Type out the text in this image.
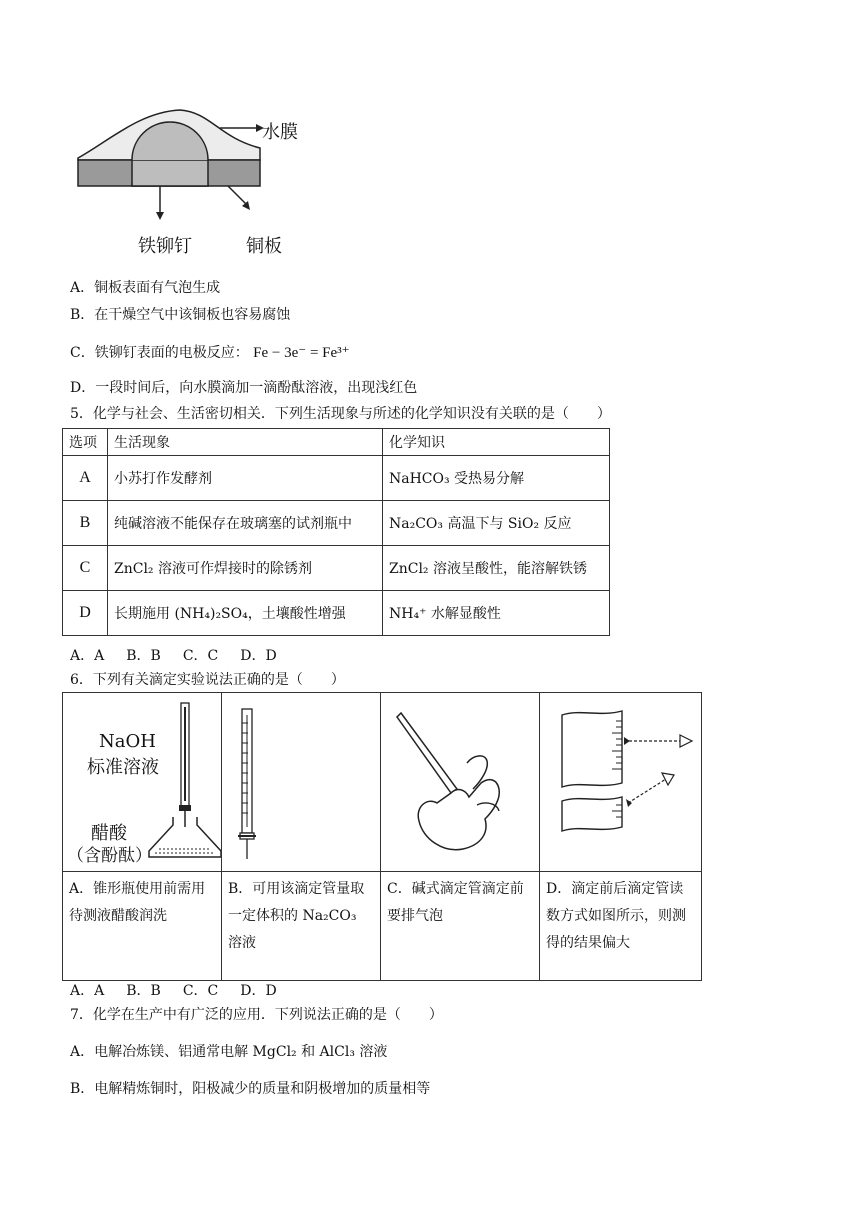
水膜
铁铆钉	铜板
A．铜板表面有气泡生成
B．在干燥空气中该铜板也容易腐蚀
C．铁铆钉表面的电极反应： Fe − 3e⁻ = Fe³⁺
D．一段时间后，向水膜滴加一滴酚酞溶液，出现浅红色
5．化学与社会、生活密切相关．下列生活现象与所述的化学知识没有关联的是（　　）
选项	生活现象	化学知识
A	小苏打作发酵剂	NaHCO₃ 受热易分解
B	纯碱溶液不能保存在玻璃塞的试剂瓶中	Na₂CO₃ 高温下与 SiO₂ 反应
C	ZnCl₂ 溶液可作焊接时的除锈剂	ZnCl₂ 溶液呈酸性，能溶解铁锈
D	长期施用 (NH₄)₂SO₄，土壤酸性增强	NH₄⁺ 水解显酸性
A．A B．B C．C D．D
6．下列有关滴定实验说法正确的是（　　）
NaOH
标准溶液
醋酸
（含酚酞）

A．锥形瓶使用前需用待测液醋酸润洗	B．可用该滴定管量取一定体积的 Na₂CO₃ 溶液	C．碱式滴定管滴定前要排气泡	D．滴定前后滴定管读数方式如图所示，则测得的结果偏大
A．A B．B C．C D．D
7．化学在生产中有广泛的应用．下列说法正确的是（　　）
A．电解冶炼镁、铝通常电解 MgCl₂ 和 AlCl₃ 溶液
B．电解精炼铜时，阳极减少的质量和阴极增加的质量相等
